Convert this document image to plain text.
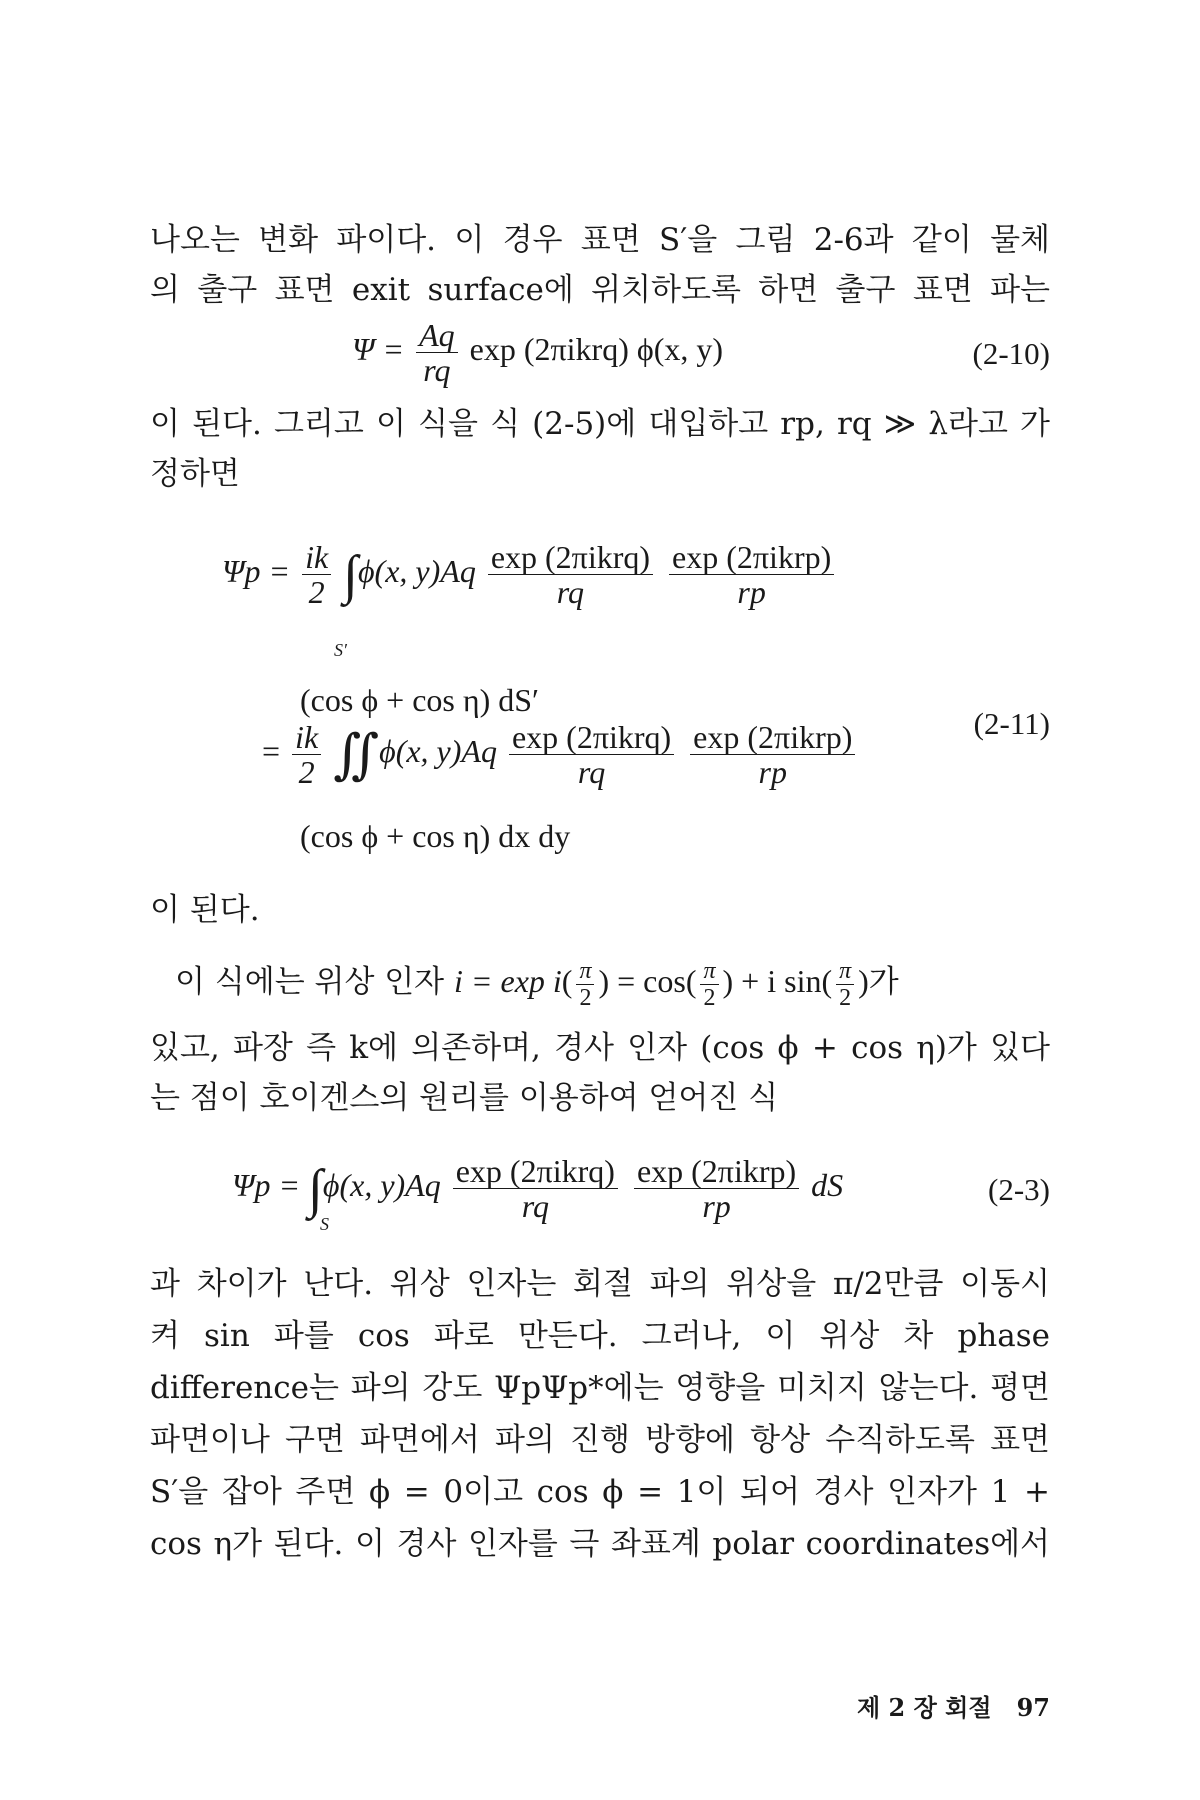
나오는 변화 파이다. 이 경우 표면 S′을 그림 2-6과 같이 물체
의 출구 표면 exit surface에 위치하도록 하면 출구 표면 파는
$\Psi = \frac{Aq}{rq}$ exp (2πikrq) ϕ(x, y)	(2-10)
이 된다. 그리고 이 식을 식 (2-5)에 대입하고 rp, rq ≫ λ라고 가
정하면
$\Psi p = \frac{ik}{2} \int\phi(x$, $y)Aq \frac{\text{exp (2πikrq)}}{rq}$
$\frac{\text{exp (2πikrp)}}{rp}$
S′
(cos ϕ + cos η) dS′
(2-11)
= $\frac{ik}{2}$ ∬ϕ(x, $y)Aq \frac{\text{exp (2πikrq)}}{rq}$
$\frac{\text{exp (2πikrp)}}{rp}$
(cos ϕ + cos η) dx dy
이 된다.
이 식에는 위상 인자 $i = \exp i( \frac{\pi}{2}$ ) = $\cos( \frac{\pi}{2}$ ) + i $\sin( \frac{\pi}{2}$ )가
있고, 파장 즉 k에 의존하며, 경사 인자 (cos ϕ + cos η)가 있다
는 점이 호이겐스의 원리를 이용하여 얻어진 식
Ψp = ∫ϕ(x, $y)Aq \frac{\text{exp (2πikrq)}}{rq}$
$\frac{\text{exp (2πikrp)}}{rp}$ dS
S
(2-3)
과 차이가 난다. 위상 인자는 회절 파의 위상을 π/2만큼 이동시
켜 sin 파를 cos 파로 만든다. 그러나, 이 위상 차 phase
difference는 파의 강도 ΨpΨp*에는 영향을 미치지 않는다. 평면
파면이나 구면 파면에서 파의 진행 방향에 항상 수직하도록 표면
S′을 잡아 주면 ϕ = 0이고 cos ϕ = 1이 되어 경사 인자가 1 +
cos η가 된다. 이 경사 인자를 극 좌표계 polar coordinates에서
제 2 장 회절 97
